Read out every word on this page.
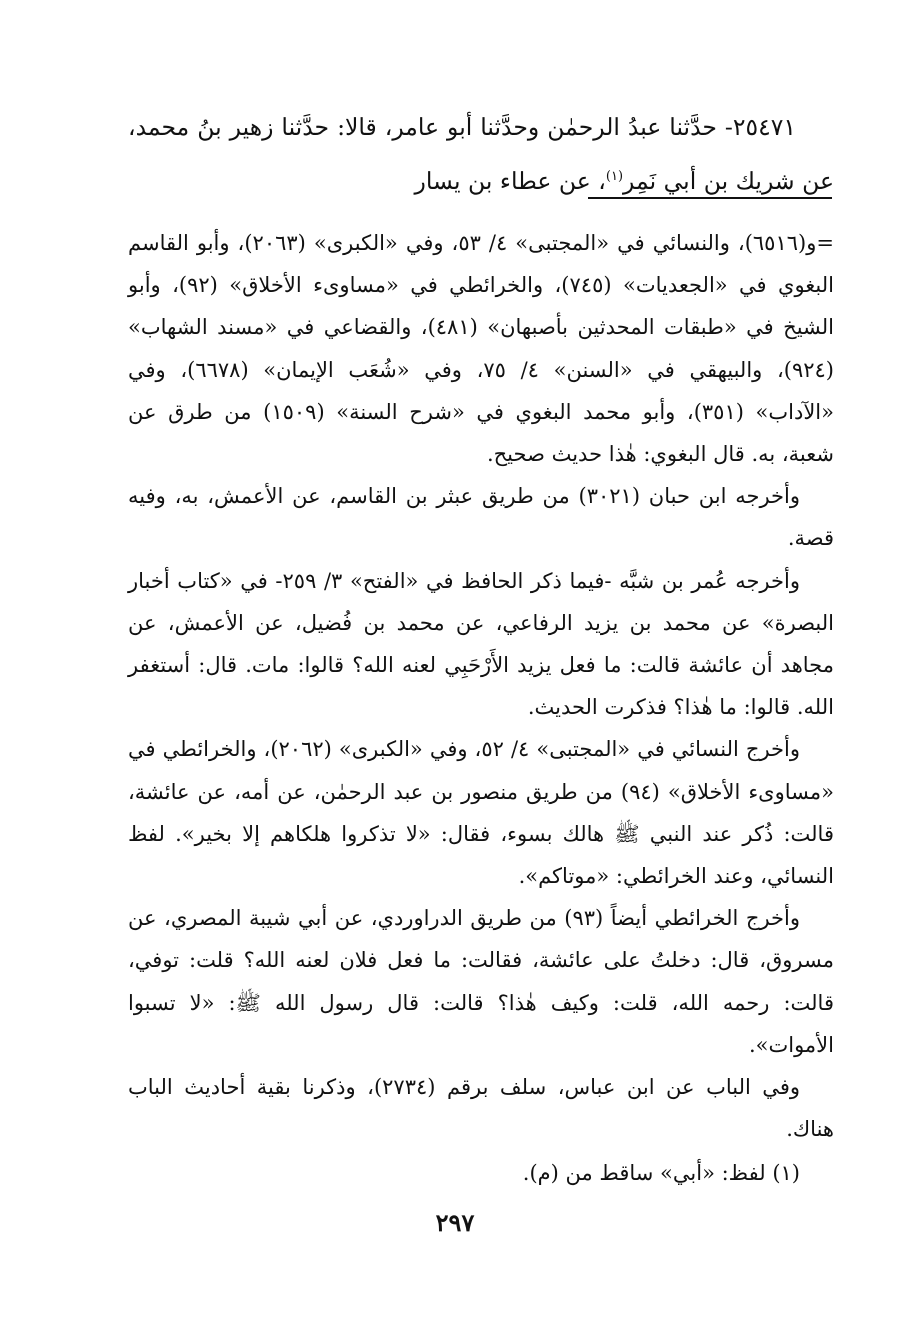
٢٥٤٧١- حدَّثنا عبدُ الرحمٰن وحدَّثنا أبو عامر، قالا: حدَّثنا زهير بنُ محمد، عن شريك بن أبي نَمِر$^{(١)}$، عن عطاء بن يسار

=و(٦٥١٦)، والنسائي في «المجتبى» ٤/ ٥٣، وفي «الكبرى» (٢٠٦٣)، وأبو القاسم البغوي في «الجعديات» (٧٤٥)، والخرائطي في «مساوىء الأخلاق» (٩٢)، وأبو الشيخ في «طبقات المحدثين بأصبهان» (٤٨١)، والقضاعي في «مسند الشهاب» (٩٢٤)، والبيهقي في «السنن» ٤/ ٧٥، وفي «شُعَب الإيمان» (٦٦٧٨)، وفي «الآداب» (٣٥١)، وأبو محمد البغوي في «شرح السنة» (١٥٠٩) من طرق عن شعبة، به. قال البغوي: هٰذا حديث صحيح.

وأخرجه ابن حبان (٣٠٢١) من طريق عبثر بن القاسم، عن الأعمش، به، وفيه قصة.

وأخرجه عُمر بن شبَّه -فيما ذكر الحافظ في «الفتح» ٣/ ٢٥٩- في «كتاب أخبار البصرة» عن محمد بن يزيد الرفاعي، عن محمد بن فُضيل، عن الأعمش، عن مجاهد أن عائشة قالت: ما فعل يزيد الأَرْحَبِي لعنه الله؟ قالوا: مات. قال: أستغفر الله. قالوا: ما هٰذا؟ فذكرت الحديث.

وأخرج النسائي في «المجتبى» ٤/ ٥٢، وفي «الكبرى» (٢٠٦٢)، والخرائطي في «مساوىء الأخلاق» (٩٤) من طريق منصور بن عبد الرحمٰن، عن أمه، عن عائشة، قالت: ذُكر عند النبي ﷺ هالك بسوء، فقال: «لا تذكروا هلكاهم إلا بخير». لفظ النسائي، وعند الخرائطي: «موتاكم».

وأخرج الخرائطي أيضاً (٩٣) من طريق الدراوردي، عن أبي شيبة المصري، عن مسروق، قال: دخلتُ على عائشة، فقالت: ما فعل فلان لعنه الله؟ قلت: توفي، قالت: رحمه الله، قلت: وكيف هٰذا؟ قالت: قال رسول الله ﷺ: «لا تسبوا الأموات».

وفي الباب عن ابن عباس، سلف برقم (٢٧٣٤)، وذكرنا بقية أحاديث الباب هناك.

(١) لفظ: «أبي» ساقط من (م).

٢٩٧
